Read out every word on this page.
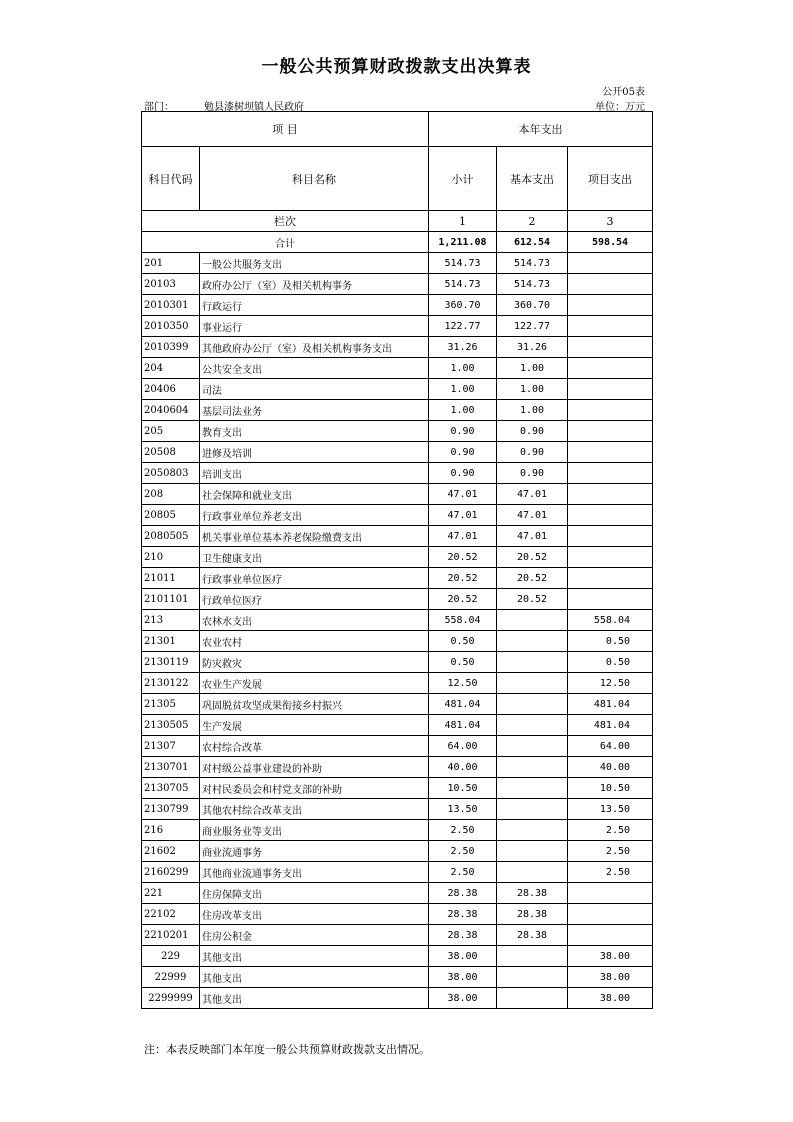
一般公共预算财政拨款支出决算表
公开05表
部门：	勉县漆树坝镇人民政府	单位：万元
项 目		本年支出		
科目代码	科目名称	小计	基本支出	项目支出
栏次		1	2	3
合计		1,211.08	612.54	598.54
201	一般公共服务支出	514.73	514.73	
20103	政府办公厅（室）及相关机构事务	514.73	514.73	
2010301	行政运行	360.70	360.70	
2010350	事业运行	122.77	122.77	
2010399	其他政府办公厅（室）及相关机构事务支出	31.26	31.26	
204	公共安全支出	1.00	1.00	
20406	司法	1.00	1.00	
2040604	基层司法业务	1.00	1.00	
205	教育支出	0.90	0.90	
20508	进修及培训	0.90	0.90	
2050803	培训支出	0.90	0.90	
208	社会保障和就业支出	47.01	47.01	
20805	行政事业单位养老支出	47.01	47.01	
2080505	机关事业单位基本养老保险缴费支出	47.01	47.01	
210	卫生健康支出	20.52	20.52	
21011	行政事业单位医疗	20.52	20.52	
2101101	行政单位医疗	20.52	20.52	
213	农林水支出	558.04		558.04
21301	农业农村	0.50		0.50
2130119	防灾救灾	0.50		0.50
2130122	农业生产发展	12.50		12.50
21305	巩固脱贫攻坚成果衔接乡村振兴	481.04		481.04
2130505	生产发展	481.04		481.04
21307	农村综合改革	64.00		64.00
2130701	对村级公益事业建设的补助	40.00		40.00
2130705	对村民委员会和村党支部的补助	10.50		10.50
2130799	其他农村综合改革支出	13.50		13.50
216	商业服务业等支出	2.50		2.50
21602	商业流通事务	2.50		2.50
2160299	其他商业流通事务支出	2.50		2.50
221	住房保障支出	28.38	28.38	
22102	住房改革支出	28.38	28.38	
2210201	住房公积金	28.38	28.38	
229	其他支出	38.00		38.00
22999	其他支出	38.00		38.00
2299999	其他支出	38.00		38.00
注：本表反映部门本年度一般公共预算财政拨款支出情况。
